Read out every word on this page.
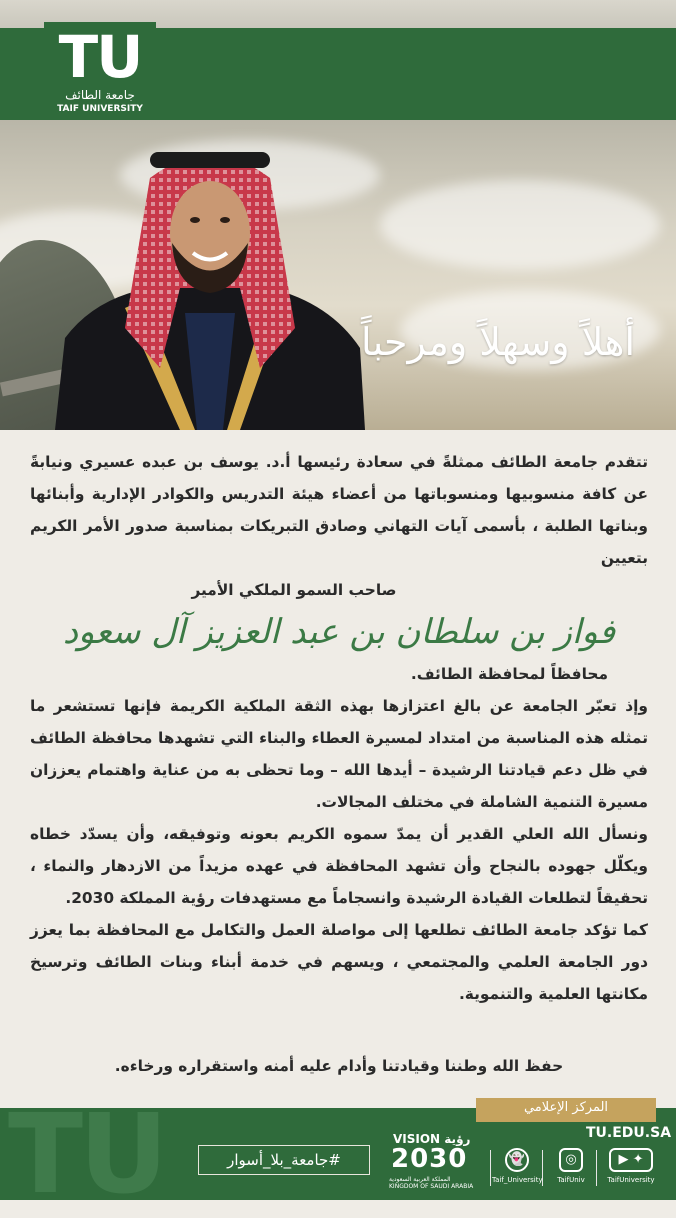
TU
جامعة الطائف
TAIF UNIVERSITY
أهلاً وسهلاً ومرحباً

تتقدم جامعة الطائف ممثلةً في سعادة رئيسها أ.د. يوسف بن عبده عسيري ونيابةً عن كافة منسوبيها ومنسوباتها من أعضاء هيئة التدريس والكوادر الإدارية وأبنائها وبناتها الطلبة ، بأسمى آيات التهاني وصادق التبريكات بمناسبة صدور الأمر الكريم بتعيين

صاحب السمو الملكي الأمير

فواز بن سلطان بن عبد العزيز آل سعود

محافظاً لمحافظة الطائف.

وإذ تعبّر الجامعة عن بالغ اعتزازها بهذه الثقة الملكية الكريمة فإنها تستشعر ما تمثله هذه المناسبة من امتداد لمسيرة العطاء والبناء التي تشهدها محافظة الطائف في ظل دعم قيادتنا الرشيدة – أيدها الله – وما تحظى به من عناية واهتمام يعززان مسيرة التنمية الشاملة في مختلف المجالات.

ونسأل الله العلي القدير أن يمدّ سموه الكريم بعونه وتوفيقه، وأن يسدّد خطاه ويكلّل جهوده بالنجاح وأن تشهد المحافظة في عهده مزيداً من الازدهار والنماء ، تحقيقاً لتطلعات القيادة الرشيدة وانسجاماً مع مستهدفات رؤية المملكة 2030.

كما تؤكد جامعة الطائف تطلعها إلى مواصلة العمل والتكامل مع المحافظة بما يعزز دور الجامعة العلمي والمجتمعي ، ويسهم في خدمة أبناء وبنات الطائف وترسيخ مكانتها العلمية والتنموية.

حفظ الله وطننا وقيادتنا وأدام عليه أمنه واستقراره ورخاءه.
TU	المركز الإعلامي
#جامعة_بلا_أسوار
VISION رؤية
2030
المملكة العربية السعودية KINGDOM OF SAUDI ARABIA
TU.EDU.SA
▶ ✦
TaifUniversity
◎
TaifUniv
👻
Taif_University
